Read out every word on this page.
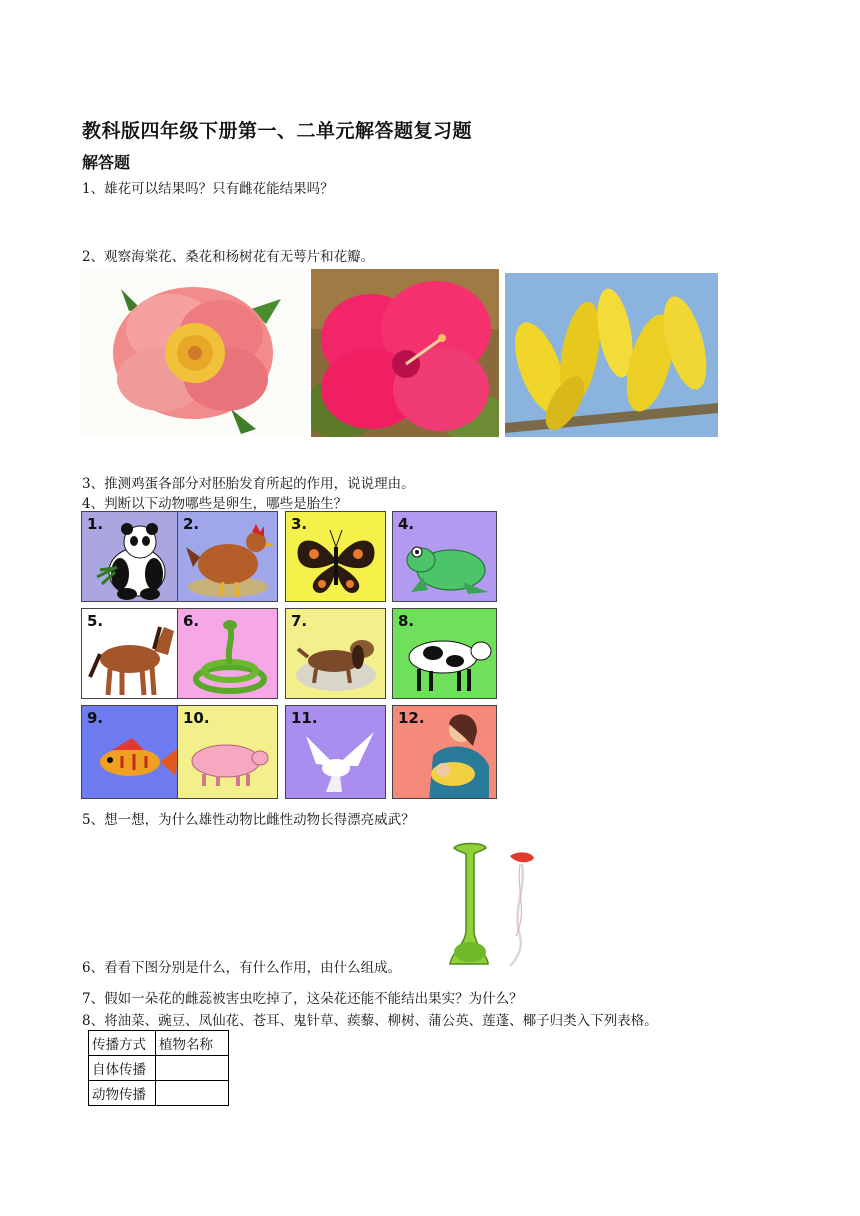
教科版四年级下册第一、二单元解答题复习题
解答题
1、雄花可以结果吗？只有雌花能结果吗？
2、观察海棠花、桑花和杨树花有无萼片和花瓣。
3、推测鸡蛋各部分对胚胎发育所起的作用，说说理由。
4、判断以下动物哪些是卵生，哪些是胎生？
1.	2.	3.	4.
5.	6.	7.	8.
9.	10.	11.	12.
5、想一想，为什么雄性动物比雌性动物长得漂亮威武？
6、看看下图分别是什么，有什么作用，由什么组成。
7、假如一朵花的雌蕊被害虫吃掉了，这朵花还能不能结出果实？为什么？
8、将油菜、豌豆、凤仙花、苍耳、鬼针草、蒺藜、柳树、蒲公英、莲蓬、椰子归类入下列表格。
传播方式	植物名称
自体传播	
动物传播	
